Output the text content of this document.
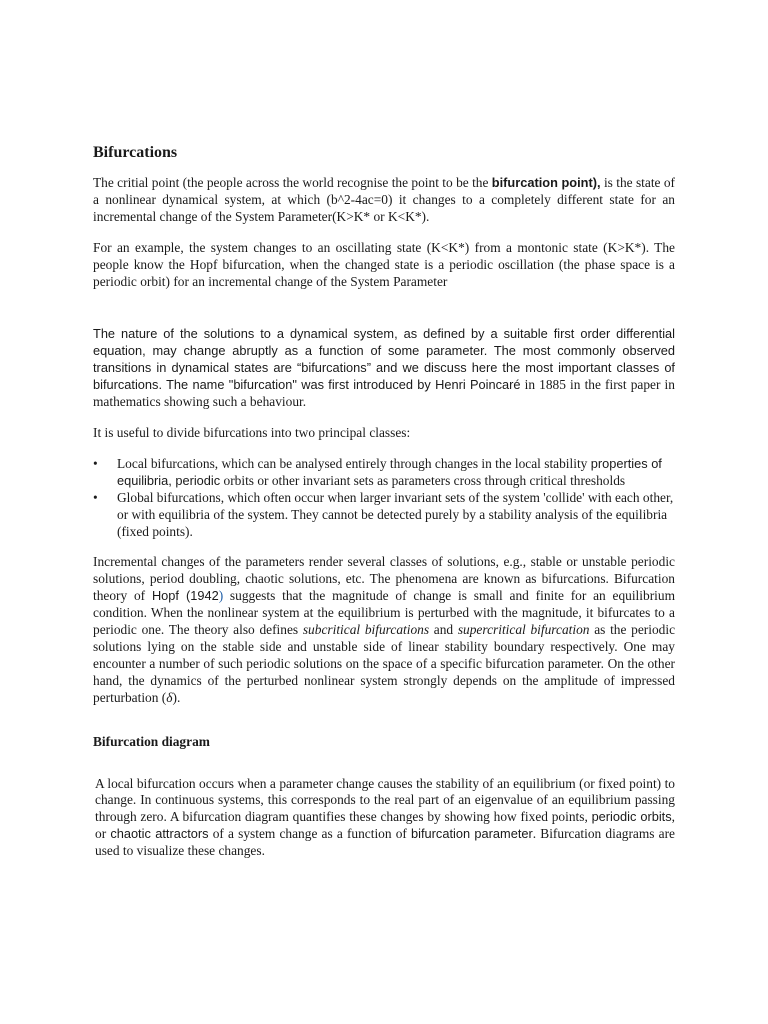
Bifurcations

The critial point (the people across the world recognise the point to be the bifurcation point), is the state of a nonlinear dynamical system, at which (b^2-4ac=0) it changes to a completely different state for an incremental change of the System Parameter(K>K* or K<K*).

For an example, the system changes to an oscillating state (K<K*) from a montonic state (K>K*). The people know the Hopf bifurcation, when the changed state is a periodic oscillation (the phase space is a periodic orbit) for an incremental change of the System Parameter

The nature of the solutions to a dynamical system, as defined by a suitable first order differential equation, may change abruptly as a function of some parameter. The most commonly observed transitions in dynamical states are “bifurcations” and we discuss here the most important classes of bifurcations. The name "bifurcation" was first introduced by Henri Poincaré in 1885 in the first paper in mathematics showing such a behaviour.

It is useful to divide bifurcations into two principal classes:

• Local bifurcations, which can be analysed entirely through changes in the local stability properties of equilibria, periodic orbits or other invariant sets as parameters cross through critical thresholds
• Global bifurcations, which often occur when larger invariant sets of the system 'collide' with each other, or with equilibria of the system. They cannot be detected purely by a stability analysis of the equilibria (fixed points).

Incremental changes of the parameters render several classes of solutions, e.g., stable or unstable periodic solutions, period doubling, chaotic solutions, etc. The phenomena are known as bifurcations. Bifurcation theory of Hopf (1942) suggests that the magnitude of change is small and finite for an equilibrium condition. When the nonlinear system at the equilibrium is perturbed with the magnitude, it bifurcates to a periodic one. The theory also defines subcritical bifurcations and supercritical bifurcation as the periodic solutions lying on the stable side and unstable side of linear stability boundary respectively. One may encounter a number of such periodic solutions on the space of a specific bifurcation parameter. On the other hand, the dynamics of the perturbed nonlinear system strongly depends on the amplitude of impressed perturbation (δ).

Bifurcation diagram

A local bifurcation occurs when a parameter change causes the stability of an equilibrium (or fixed point) to change. In continuous systems, this corresponds to the real part of an eigenvalue of an equilibrium passing through zero. A bifurcation diagram quantifies these changes by showing how fixed points, periodic orbits, or chaotic attractors of a system change as a function of bifurcation parameter. Bifurcation diagrams are used to visualize these changes.
